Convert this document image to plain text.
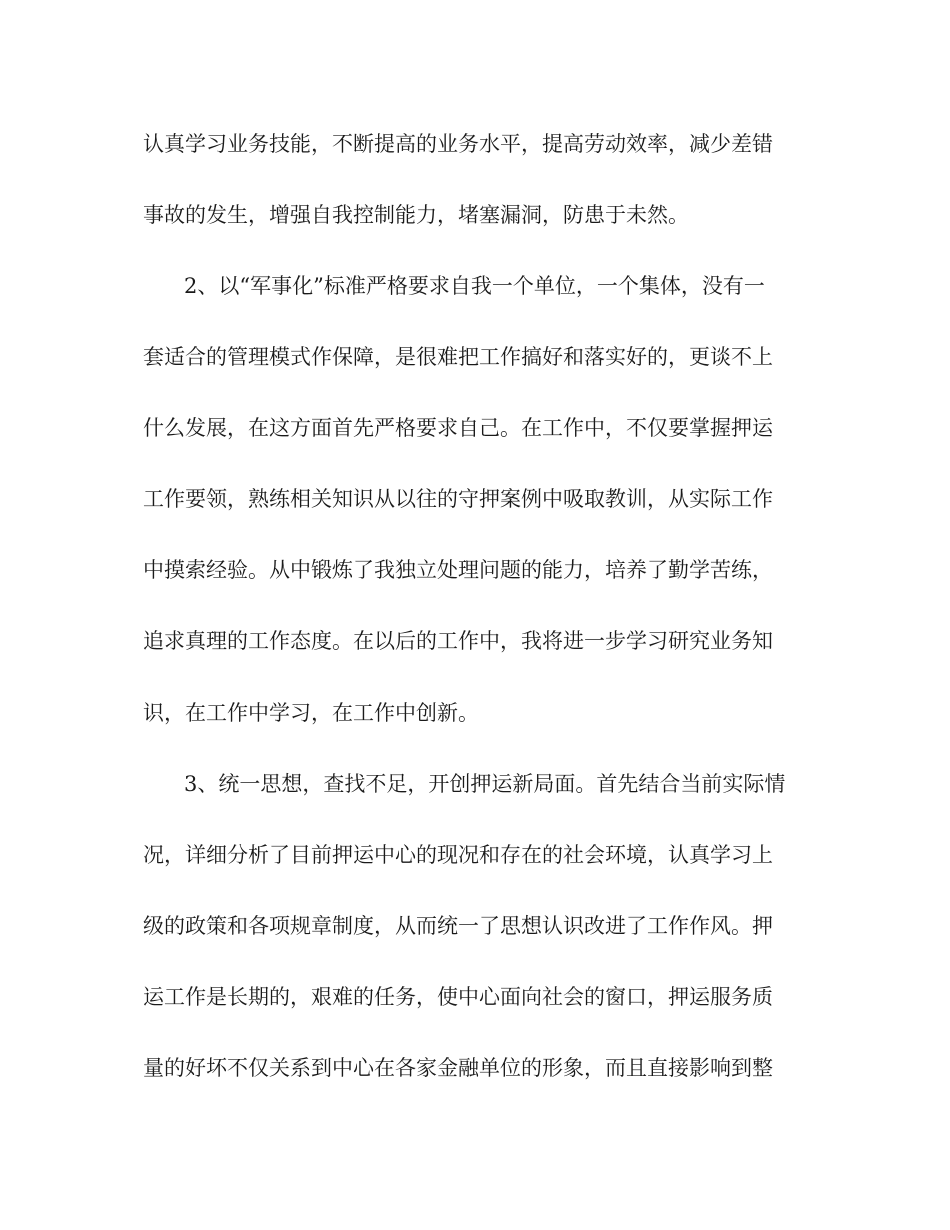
认真学习业务技能，不断提高的业务水平，提高劳动效率，减少差错
事故的发生，增强自我控制能力，堵塞漏洞，防患于未然。
2、以“军事化”标准严格要求自我一个单位，一个集体，没有一
套适合的管理模式作保障，是很难把工作搞好和落实好的，更谈不上
什么发展，在这方面首先严格要求自己。在工作中，不仅要掌握押运
工作要领，熟练相关知识从以往的守押案例中吸取教训，从实际工作
中摸索经验。从中锻炼了我独立处理问题的能力，培养了勤学苦练，
追求真理的工作态度。在以后的工作中，我将进一步学习研究业务知
识，在工作中学习，在工作中创新。
3、统一思想，查找不足，开创押运新局面。首先结合当前实际情
况，详细分析了目前押运中心的现况和存在的社会环境，认真学习上
级的政策和各项规章制度，从而统一了思想认识改进了工作作风。押
运工作是长期的，艰难的任务，使中心面向社会的窗口，押运服务质
量的好坏不仅关系到中心在各家金融单位的形象，而且直接影响到整
